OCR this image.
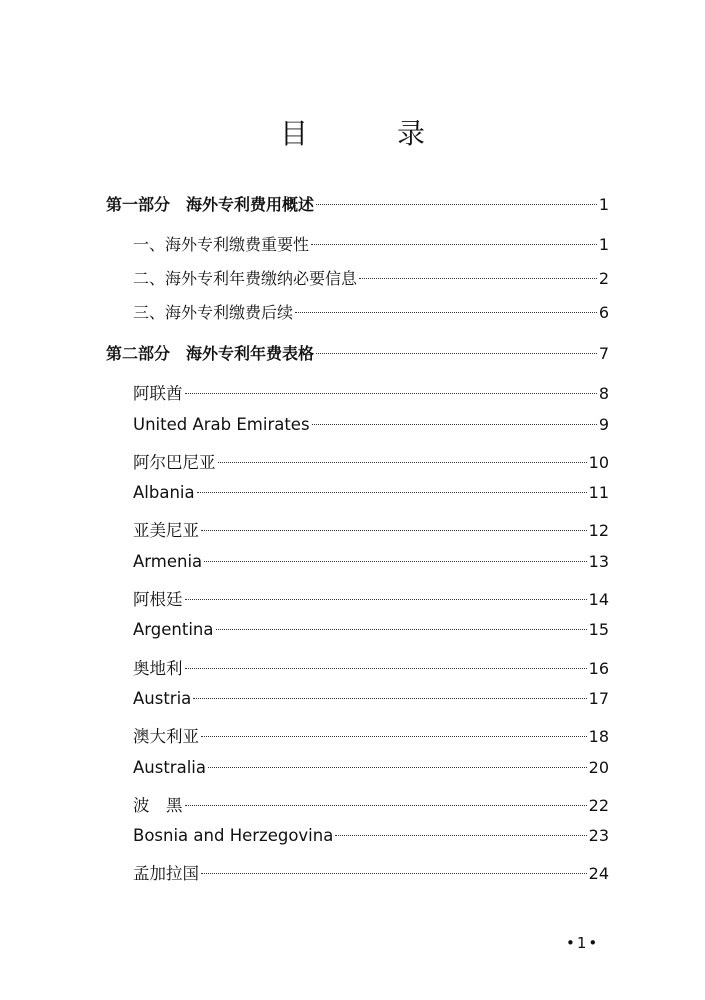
目 录
第一部分　海外专利费用概述	1
一、海外专利缴费重要性	1
二、海外专利年费缴纳必要信息	2
三、海外专利缴费后续	6
第二部分　海外专利年费表格	7
阿联酋	8
United Arab Emirates	9
阿尔巴尼亚	10
Albania	11
亚美尼亚	12
Armenia	13
阿根廷	14
Argentina	15
奥地利	16
Austria	17
澳大利亚	18
Australia	20
波　黑	22
Bosnia and Herzegovina	23
孟加拉国	24
•1•
